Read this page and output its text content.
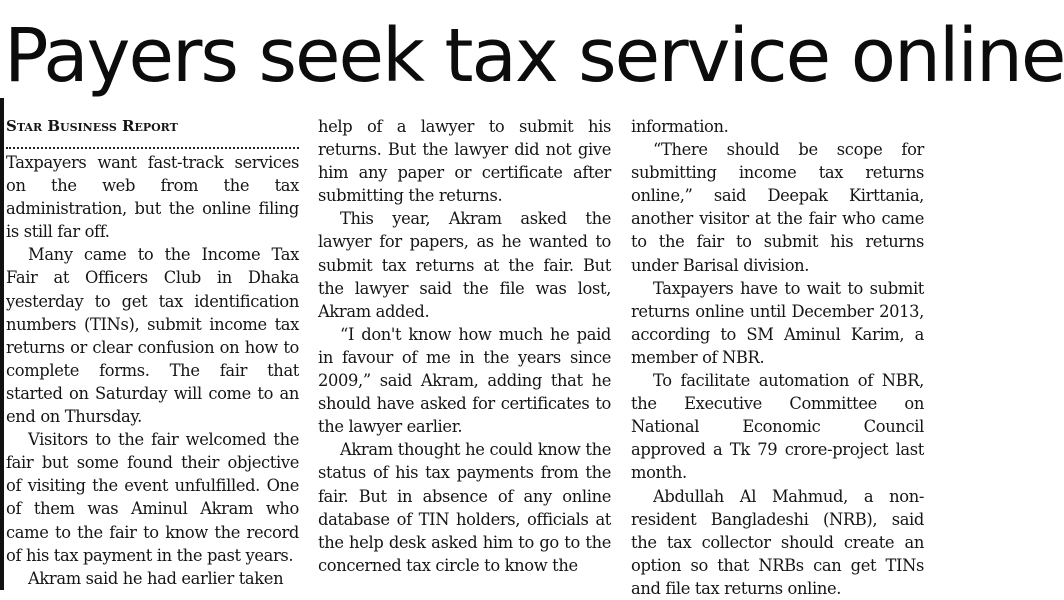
Payers seek tax service online
Star Business Report

Taxpayers want fast-track services on the web from the tax administration, but the online filing is still far off.

Many came to the Income Tax Fair at Officers Club in Dhaka yesterday to get tax identification numbers (TINs), submit income tax returns or clear confusion on how to complete forms. The fair that started on Saturday will come to an end on Thursday.

Visitors to the fair welcomed the fair but some found their objective of visiting the event unfulfilled. One of them was Aminul Akram who came to the fair to know the record of his tax payment in the past years.

Akram said he had earlier taken

help of a lawyer to submit his returns. But the lawyer did not give him any paper or certificate after submitting the returns.

This year, Akram asked the lawyer for papers, as he wanted to submit tax returns at the fair. But the lawyer said the file was lost, Akram added.

“I don't know how much he paid in favour of me in the years since 2009,” said Akram, adding that he should have asked for certificates to the lawyer earlier.

Akram thought he could know the status of his tax payments from the fair. But in absence of any online database of TIN holders, officials at the help desk asked him to go to the concerned tax circle to know the

information.

“There should be scope for submitting income tax returns online,” said Deepak Kirttania, another visitor at the fair who came to the fair to submit his returns under Barisal division.

Taxpayers have to wait to submit returns online until December 2013, according to SM Aminul Karim, a member of NBR.

To facilitate automation of NBR, the Executive Committee on National Economic Council approved a Tk 79 crore-project last month.

Abdullah Al Mahmud, a non-resident Bangladeshi (NRB), said the tax collector should create an option so that NRBs can get TINs and file tax returns online.
